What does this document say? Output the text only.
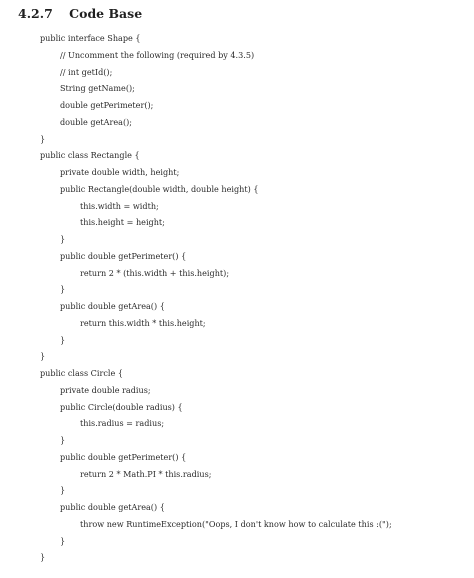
4.2.7 Code Base
public interface Shape {
// Uncomment the following (required by 4.3.5)
// int getId();
String getName();
double getPerimeter();
double getArea();
}
public class Rectangle {
private double width, height;
public Rectangle(double width, double height) {
this.width = width;
this.height = height;
}
public double getPerimeter() {
return 2 * (this.width + this.height);
}
public double getArea() {
return this.width * this.height;
}
}
public class Circle {
private double radius;
public Circle(double radius) {
this.radius = radius;
}
public double getPerimeter() {
return 2 * Math.PI * this.radius;
}
public double getArea() {
throw new RuntimeException("Oops, I don't know how to calculate this :(");
}
}
